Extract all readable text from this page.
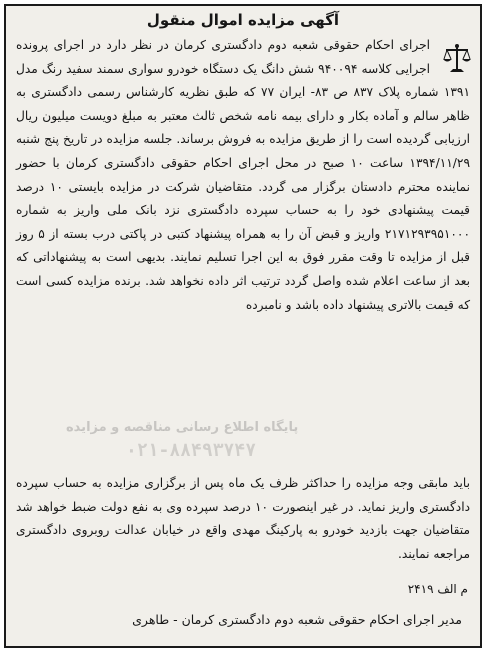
آگهی مزایده اموال منقول

اجرای احکام حقوقی شعبه دوم دادگستری کرمان در نظر دارد در اجرای پرونده اجرایی کلاسه ۹۴۰۰۹۴ شش دانگ یک دستگاه خودرو سواری سمند سفید رنگ مدل ۱۳۹۱ شماره پلاک ۸۳۷ ص ۸۳- ایران ۷۷ که طبق نظریه کارشناس رسمی دادگستری به ظاهر سالم و آماده بکار و دارای بیمه نامه شخص ثالث معتبر به مبلغ دویست میلیون ریال ارزیابی گردیده است را از طریق مزایده به فروش برساند. جلسه مزایده در تاریخ پنج شنبه ۱۳۹۴/۱۱/۲۹ ساعت ۱۰ صبح در محل اجرای احکام حقوقی دادگستری کرمان با حضور نماینده محترم دادستان برگزار می گردد. متقاضیان شرکت در مزایده بایستی ۱۰ درصد قیمت پیشنهادی خود را به حساب سپرده دادگستری نزد بانک ملی واریز به شماره ۲۱۷۱۲۹۳۹۵۱۰۰۰ واریز و قبض آن را به همراه پیشنهاد کتبی در پاکتی درب بسته از ۵ روز قبل از مزایده تا وقت مقرر فوق به این اجرا تسلیم نمایند. بدیهی است به پیشنهاداتی که بعد از ساعت اعلام شده واصل گردد ترتیب اثر داده نخواهد شد. برنده مزایده کسی است که قیمت بالاتری پیشنهاد داده باشد و نامبرده

پایگاه اطلاع رسانی مناقصه و مزایده
۰۲۱-۸۸۴۹۳۷۴۷

باید مابقی وجه مزایده را حداکثر ظرف یک ماه پس از برگزاری مزایده به حساب سپرده دادگستری واریز نماید. در غیر اینصورت ۱۰ درصد سپرده وی به نفع دولت ضبط خواهد شد متقاضیان جهت بازدید خودرو به پارکینگ مهدی واقع در خیابان عدالت روبروی دادگستری مراجعه نمایند.

م الف ۲۴۱۹
مدیر اجرای احکام حقوقی شعبه دوم دادگستری کرمان - طاهری
